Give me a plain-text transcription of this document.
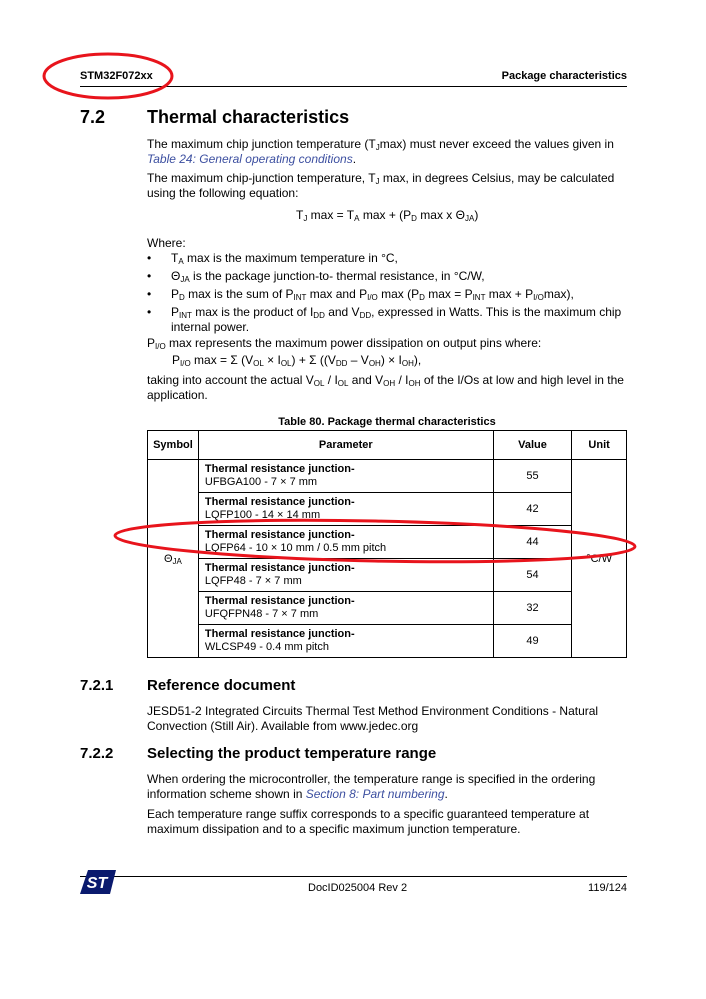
STM32F072xx	Package characteristics
7.2 Thermal characteristics
The maximum chip junction temperature $(T_J\max)$ must never exceed the values given in
Table 24: General operating conditions.
The maximum chip-junction temperature, $T_J$ max, in degrees Celsius, may be calculated
using the following equation:
$T_J$ $\max = T_A$ $\max + (P_D$ max x $\Theta_{JA}$)
Where:
• $T_A$ max is the maximum temperature in °C,
• $\Theta_{JA}$ is the package junction-to- thermal resistance, in °C/W,
• $P_D$ max is the sum of $P_{INT}$ max and $P_{I/O}$ $\max (P_D$ $\max = P_{INT}$ $\max + P_{I/O}\max$),
• $P_{INT}$ max is the product of $I_{DD}$ and $V_{DD}$, expressed in Watts. This is the maximum chip
internal power.
$P_{I/O}$ max represents the maximum power dissipation on output pins where:
$P_{I/O}$ max = Σ $(V_{OL} \times I_{OL}) + \Sigma$ $((V_{DD} - V_{OH}) \times I_{OH})$,
taking into account the actual $V_{OL} / I_{OL}$ and $V_{OH} / I_{OH}$ of the I/Os at low and high level in the
application.
Table 80. Package thermal characteristics
Symbol	Parameter	Value	Unit
$\Theta_{JA}$	Thermal resistance junction-
UFBGA100 - 7 × 7 mm	55	°C/W

	Thermal resistance junction-
LQFP100 - 14 × 14 mm	42	

	Thermal resistance junction-
LQFP64 - 10 × 10 mm / 0.5 mm pitch	44	

	Thermal resistance junction-
LQFP48 - 7 × 7 mm	54	

	Thermal resistance junction-
UFQFPN48 - 7 × 7 mm	32	

	Thermal resistance junction-
WLCSP49 - 0.4 mm pitch	49	
7.2.1 Reference document
JESD51-2 Integrated Circuits Thermal Test Method Environment Conditions - Natural
Convection (Still Air). Available from www.jedec.org
7.2.2 Selecting the product temperature range
When ordering the microcontroller, the temperature range is specified in the ordering
information scheme shown in Section 8: Part numbering.
Each temperature range suffix corresponds to a specific guaranteed temperature at
maximum dissipation and to a specific maximum junction temperature.
ST	DocID025004 Rev 2	119/124
